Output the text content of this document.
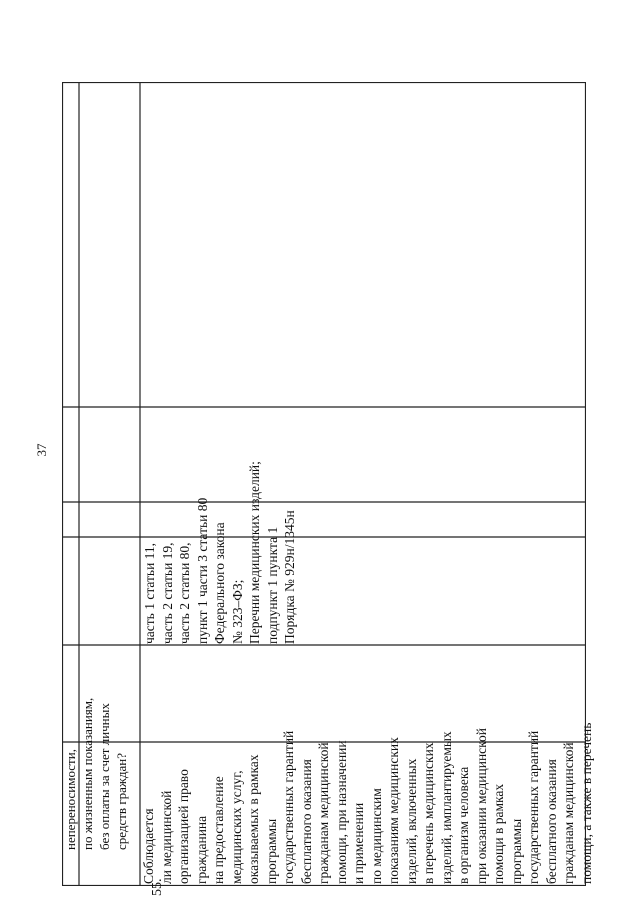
37
непереносимости, по жизненным показаниям, без оплаты за счет личных средств граждан?
55.
Соблюдается ли медицинской организацией право гражданина на предоставление медицинских услуг, оказываемых в рамках программы государственных гарантий бесплатного оказания гражданам медицинской помощи, при назначении и применении по медицинским показаниям медицинских изделий, включенных в перечень медицинских изделий, имплантируемых в организм человека при оказании медицинской помощи в рамках программы государственных гарантий бесплатного оказания гражданам медицинской помощи, а также в перечень
часть 1 статьи 11, часть 2 статьи 19, часть 2 статьи 80, пункт 1 части 3 статьи 80 Федерального закона № 323–ФЗ; Перечни медицинских изделий; подпункт 1 пункта 1 Порядка № 929н/1345н
